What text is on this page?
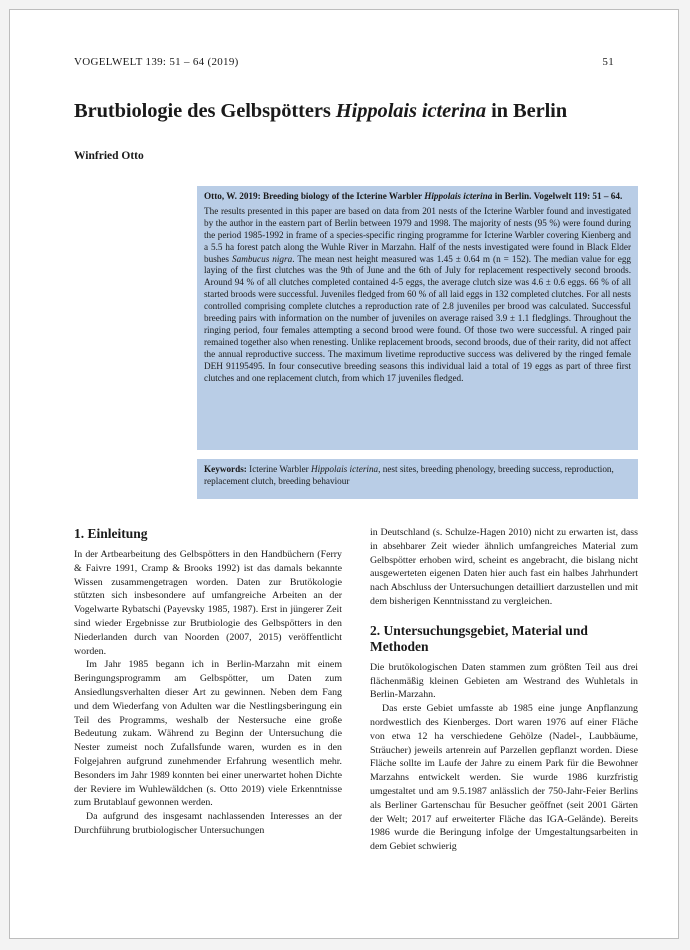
VOGELWELT 139: 51 – 64 (2019)	51
Brutbiologie des Gelbspötters Hippolais icterina in Berlin
Winfried Otto
Otto, W. 2019: Breeding biology of the Icterine Warbler Hippolais icterina in Berlin. Vogelwelt 119: 51 – 64.
The results presented in this paper are based on data from 201 nests of the Icterine Warbler found and investigated by the author in the eastern part of Berlin between 1979 and 1998. The majority of nests (95 %) were found during the period 1985-1992 in frame of a species-specific ringing programme for Icterine Warbler covering Kienberg and a 5.5 ha forest patch along the Wuhle River in Marzahn. Half of the nests investigated were found in Black Elder bushes Sambucus nigra. The mean nest height measured was 1.45 ± 0.64 m (n = 152). The median value for egg laying of the first clutches was the 9th of June and the 6th of July for replacement respectively second broods. Around 94 % of all clutches completed contained 4-5 eggs, the average clutch size was 4.6 ± 0.6 eggs. 66 % of all started broods were successful. Juveniles fledged from 60 % of all laid eggs in 132 completed clutches. For all nests controlled comprising complete clutches a reproduction rate of 2.8 juveniles per brood was calculated. Successful breeding pairs with information on the number of juveniles on average raised 3.9 ± 1.1 fledglings. Throughout the ringing period, four females attempting a second brood were found. Of those two were successful. A ringed pair remained together also when renesting. Unlike replacement broods, second broods, due of their rarity, did not affect the annual reproductive success. The maximum livetime reproductive success was delivered by the ringed female DEH 91195495. In four consecutive breeding seasons this individual laid a total of 19 eggs as part of three first clutches and one replacement clutch, from which 17 juveniles fledged.
Keywords: Icterine Warbler Hippolais icterina, nest sites, breeding phenology, breeding success, reproduction, replacement clutch, breeding behaviour
1. Einleitung

In der Artbearbeitung des Gelbspötters in den Handbüchern (Ferry & Faivre 1991, Cramp & Brooks 1992) ist das damals bekannte Wissen zusammengetragen worden. Daten zur Brutökologie stützten sich insbesondere auf umfangreiche Arbeiten an der Vogelwarte Rybatschi (Payevsky 1985, 1987). Erst in jüngerer Zeit sind wieder Ergebnisse zur Brutbiologie des Gelbspötters in den Niederlanden durch van Noorden (2007, 2015) veröffentlicht worden.

Im Jahr 1985 begann ich in Berlin-Marzahn mit einem Beringungsprogramm am Gelbspötter, um Daten zum Ansiedlungsverhalten dieser Art zu gewinnen. Neben dem Fang und dem Wiederfang von Adulten war die Nestlingsberingung ein Teil des Programms, weshalb der Nestersuche eine große Bedeutung zukam. Während zu Beginn der Untersuchung die Nester zumeist noch Zufallsfunde waren, wurden es in den Folgejahren aufgrund zunehmender Erfahrung wesentlich mehr. Besonders im Jahr 1989 konnten bei einer unerwartet hohen Dichte der Reviere im Wuhlewäldchen (s. Otto 2019) viele Erkenntnisse zum Brutablauf gewonnen werden.

Da aufgrund des insgesamt nachlassenden Interesses an der Durchführung brutbiologischer Untersuchungen

in Deutschland (s. Schulze-Hagen 2010) nicht zu erwarten ist, dass in absehbarer Zeit wieder ähnlich umfangreiches Material zum Gelbspötter erhoben wird, scheint es angebracht, die bislang nicht ausgewerteten eigenen Daten hier auch fast ein halbes Jahrhundert nach Abschluss der Untersuchungen detailliert darzustellen und mit dem bisherigen Kenntnisstand zu vergleichen.

2. Untersuchungsgebiet, Material und Methoden

Die brutökologischen Daten stammen zum größten Teil aus drei flächenmäßig kleinen Gebieten am Westrand des Wuhletals in Berlin-Marzahn.

Das erste Gebiet umfasste ab 1985 eine junge Anpflanzung nordwestlich des Kienberges. Dort waren 1976 auf einer Fläche von etwa 12 ha verschiedene Gehölze (Nadel-, Laubbäume, Sträucher) jeweils artenrein auf Parzellen gepflanzt worden. Diese Fläche sollte im Laufe der Jahre zu einem Park für die Bewohner Marzahns entwickelt werden. Sie wurde 1986 kurzfristig umgestaltet und am 9.5.1987 anlässlich der 750-Jahr-Feier Berlins als Berliner Gartenschau für Besucher geöffnet (seit 2001 Gärten der Welt; 2017 auf erweiterter Fläche das IGA-Gelände). Bereits 1986 wurde die Beringung infolge der Umgestaltungsarbeiten in dem Gebiet schwierig
